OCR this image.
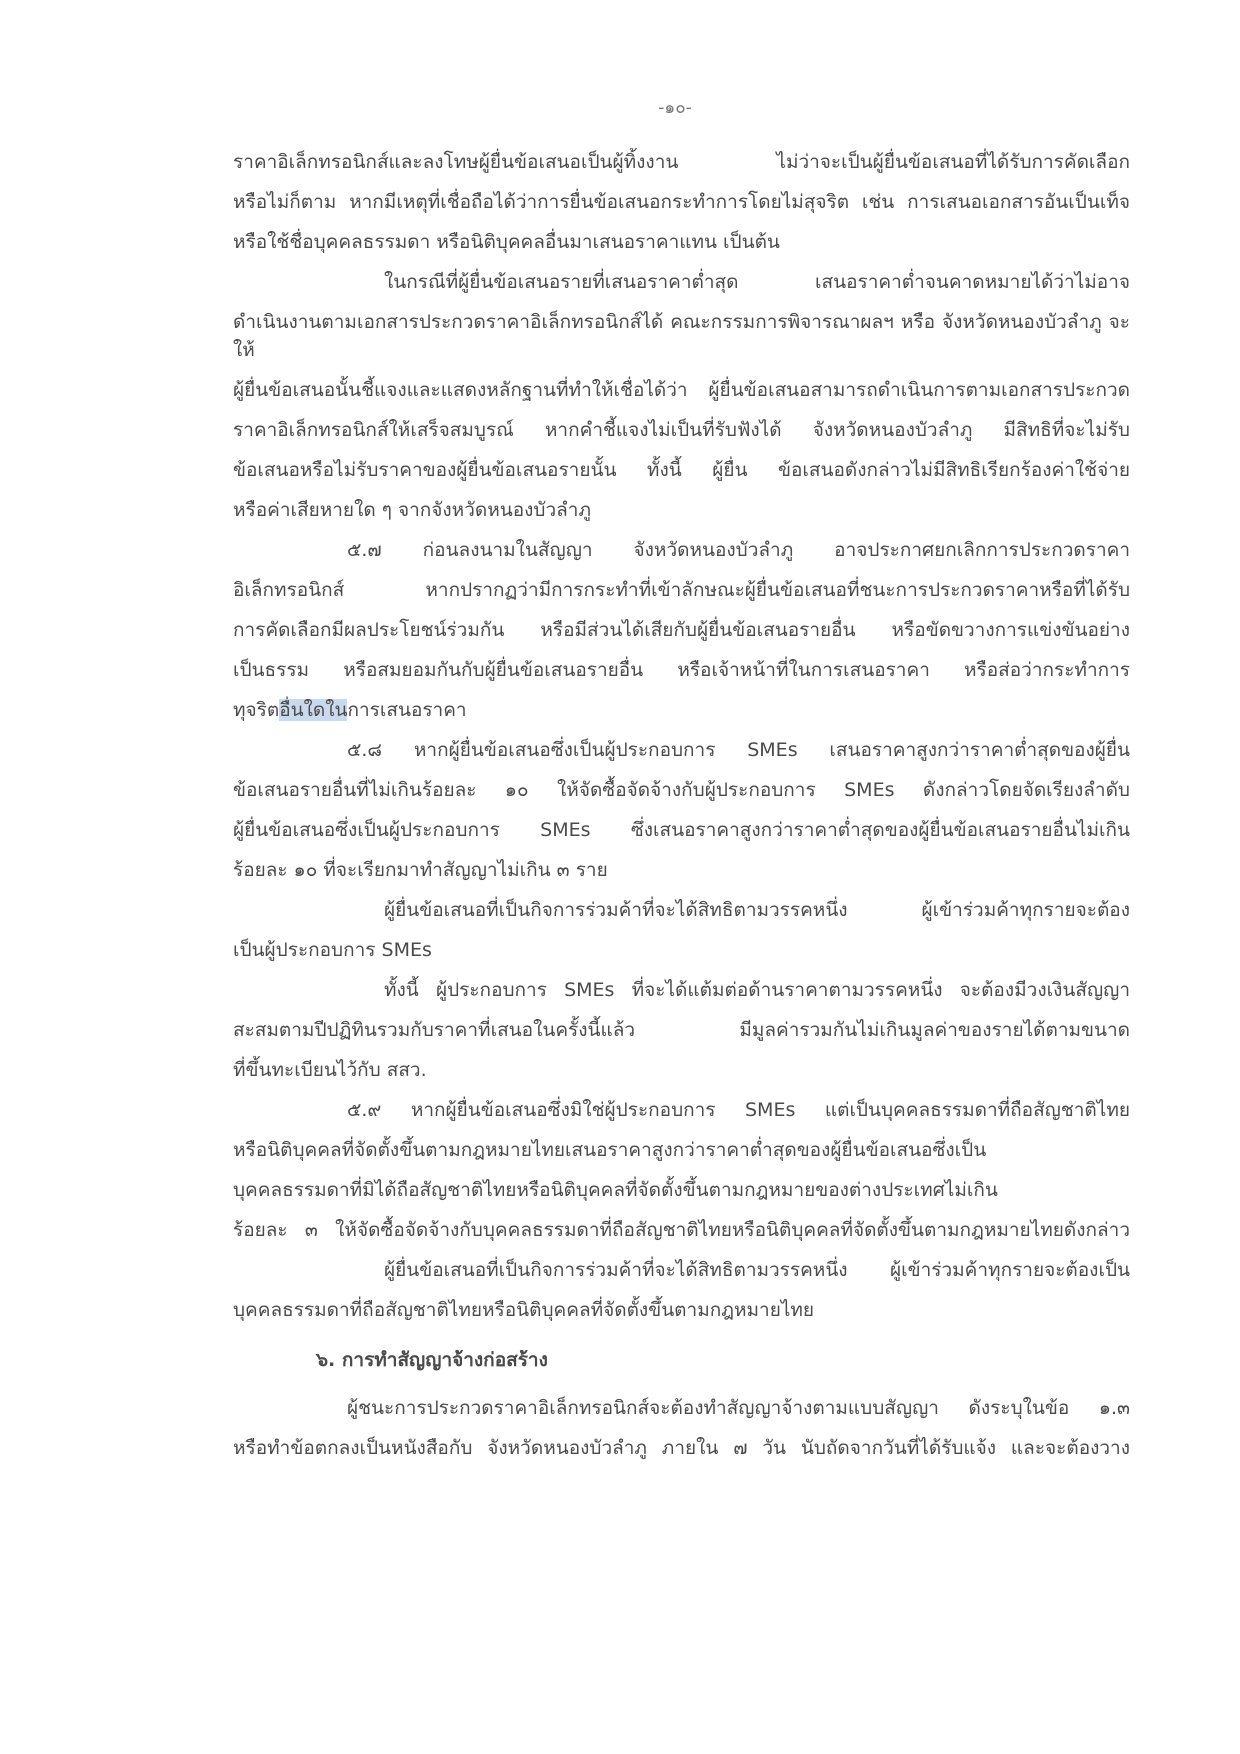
-๑๐-
ราคาอิเล็กทรอนิกส์และลงโทษผู้ยื่นข้อเสนอเป็นผู้ทิ้งงาน ไม่ว่าจะเป็นผู้ยื่นข้อเสนอที่ได้รับการคัดเลือก
หรือไม่ก็ตาม หากมีเหตุที่เชื่อถือได้ว่าการยื่นข้อเสนอกระทำการโดยไม่สุจริต เช่น การเสนอเอกสารอันเป็นเท็จ
หรือใช้ชื่อบุคคลธรรมดา หรือนิติบุคคลอื่นมาเสนอราคาแทน เป็นต้น
ในกรณีที่ผู้ยื่นข้อเสนอรายที่เสนอราคาต่ำสุด เสนอราคาต่ำจนคาดหมายได้ว่าไม่อาจ
ดำเนินงานตามเอกสารประกวดราคาอิเล็กทรอนิกส์ได้ คณะกรรมการพิจารณาผลฯ หรือ จังหวัดหนองบัวลำภู จะให้
ผู้ยื่นข้อเสนอนั้นชี้แจงและแสดงหลักฐานที่ทำให้เชื่อได้ว่า ผู้ยื่นข้อเสนอสามารถดำเนินการตามเอกสารประกวด
ราคาอิเล็กทรอนิกส์ให้เสร็จสมบูรณ์ หากคำชี้แจงไม่เป็นที่รับฟังได้ จังหวัดหนองบัวลำภู มีสิทธิที่จะไม่รับ
ข้อเสนอหรือไม่รับราคาของผู้ยื่นข้อเสนอรายนั้น ทั้งนี้ ผู้ยื่น ข้อเสนอดังกล่าวไม่มีสิทธิเรียกร้องค่าใช้จ่าย
หรือค่าเสียหายใด ๆ จากจังหวัดหนองบัวลำภู
๕.๗ ก่อนลงนามในสัญญา จังหวัดหนองบัวลำภู อาจประกาศยกเลิกการประกวดราคา
อิเล็กทรอนิกส์ หากปรากฏว่ามีการกระทำที่เข้าลักษณะผู้ยื่นข้อเสนอที่ชนะการประกวดราคาหรือที่ได้รับ
การคัดเลือกมีผลประโยชน์ร่วมกัน หรือมีส่วนได้เสียกับผู้ยื่นข้อเสนอรายอื่น หรือขัดขวางการแข่งขันอย่าง
เป็นธรรม หรือสมยอมกันกับผู้ยื่นข้อเสนอรายอื่น หรือเจ้าหน้าที่ในการเสนอราคา หรือส่อว่ากระทำการ
ทุจริตอื่นใดในการเสนอราคา
๕.๘ หากผู้ยื่นข้อเสนอซึ่งเป็นผู้ประกอบการ SMEs เสนอราคาสูงกว่าราคาต่ำสุดของผู้ยื่น
ข้อเสนอรายอื่นที่ไม่เกินร้อยละ ๑๐ ให้จัดซื้อจัดจ้างกับผู้ประกอบการ SMEs ดังกล่าวโดยจัดเรียงลำดับ
ผู้ยื่นข้อเสนอซึ่งเป็นผู้ประกอบการ SMEs ซึ่งเสนอราคาสูงกว่าราคาต่ำสุดของผู้ยื่นข้อเสนอรายอื่นไม่เกิน
ร้อยละ ๑๐ ที่จะเรียกมาทำสัญญาไม่เกิน ๓ ราย
ผู้ยื่นข้อเสนอที่เป็นกิจการร่วมค้าที่จะได้สิทธิตามวรรคหนึ่ง ผู้เข้าร่วมค้าทุกรายจะต้อง
เป็นผู้ประกอบการ SMEs
ทั้งนี้ ผู้ประกอบการ SMEs ที่จะได้แต้มต่อด้านราคาตามวรรคหนึ่ง จะต้องมีวงเงินสัญญา
สะสมตามปีปฏิทินรวมกับราคาที่เสนอในครั้งนี้แล้ว มีมูลค่ารวมกันไม่เกินมูลค่าของรายได้ตามขนาด
ที่ขึ้นทะเบียนไว้กับ สสว.
๕.๙ หากผู้ยื่นข้อเสนอซึ่งมิใช่ผู้ประกอบการ SMEs แต่เป็นบุคคลธรรมดาที่ถือสัญชาติไทย
หรือนิติบุคคลที่จัดตั้งขึ้นตามกฎหมายไทยเสนอราคาสูงกว่าราคาต่ำสุดของผู้ยื่นข้อเสนอซึ่งเป็น
บุคคลธรรมดาที่มิได้ถือสัญชาติไทยหรือนิติบุคคลที่จัดตั้งขึ้นตามกฎหมายของต่างประเทศไม่เกิน
ร้อยละ ๓ ให้จัดซื้อจัดจ้างกับบุคคลธรรมดาที่ถือสัญชาติไทยหรือนิติบุคคลที่จัดตั้งขึ้นตามกฎหมายไทยดังกล่าว
ผู้ยื่นข้อเสนอที่เป็นกิจการร่วมค้าที่จะได้สิทธิตามวรรคหนึ่ง ผู้เข้าร่วมค้าทุกรายจะต้องเป็น
บุคคลธรรมดาที่ถือสัญชาติไทยหรือนิติบุคคลที่จัดตั้งขึ้นตามกฎหมายไทย
๖. การทำสัญญาจ้างก่อสร้าง
ผู้ชนะการประกวดราคาอิเล็กทรอนิกส์จะต้องทำสัญญาจ้างตามแบบสัญญา ดังระบุในข้อ ๑.๓
หรือทำข้อตกลงเป็นหนังสือกับ จังหวัดหนองบัวลำภู ภายใน ๗ วัน นับถัดจากวันที่ได้รับแจ้ง และจะต้องวาง
